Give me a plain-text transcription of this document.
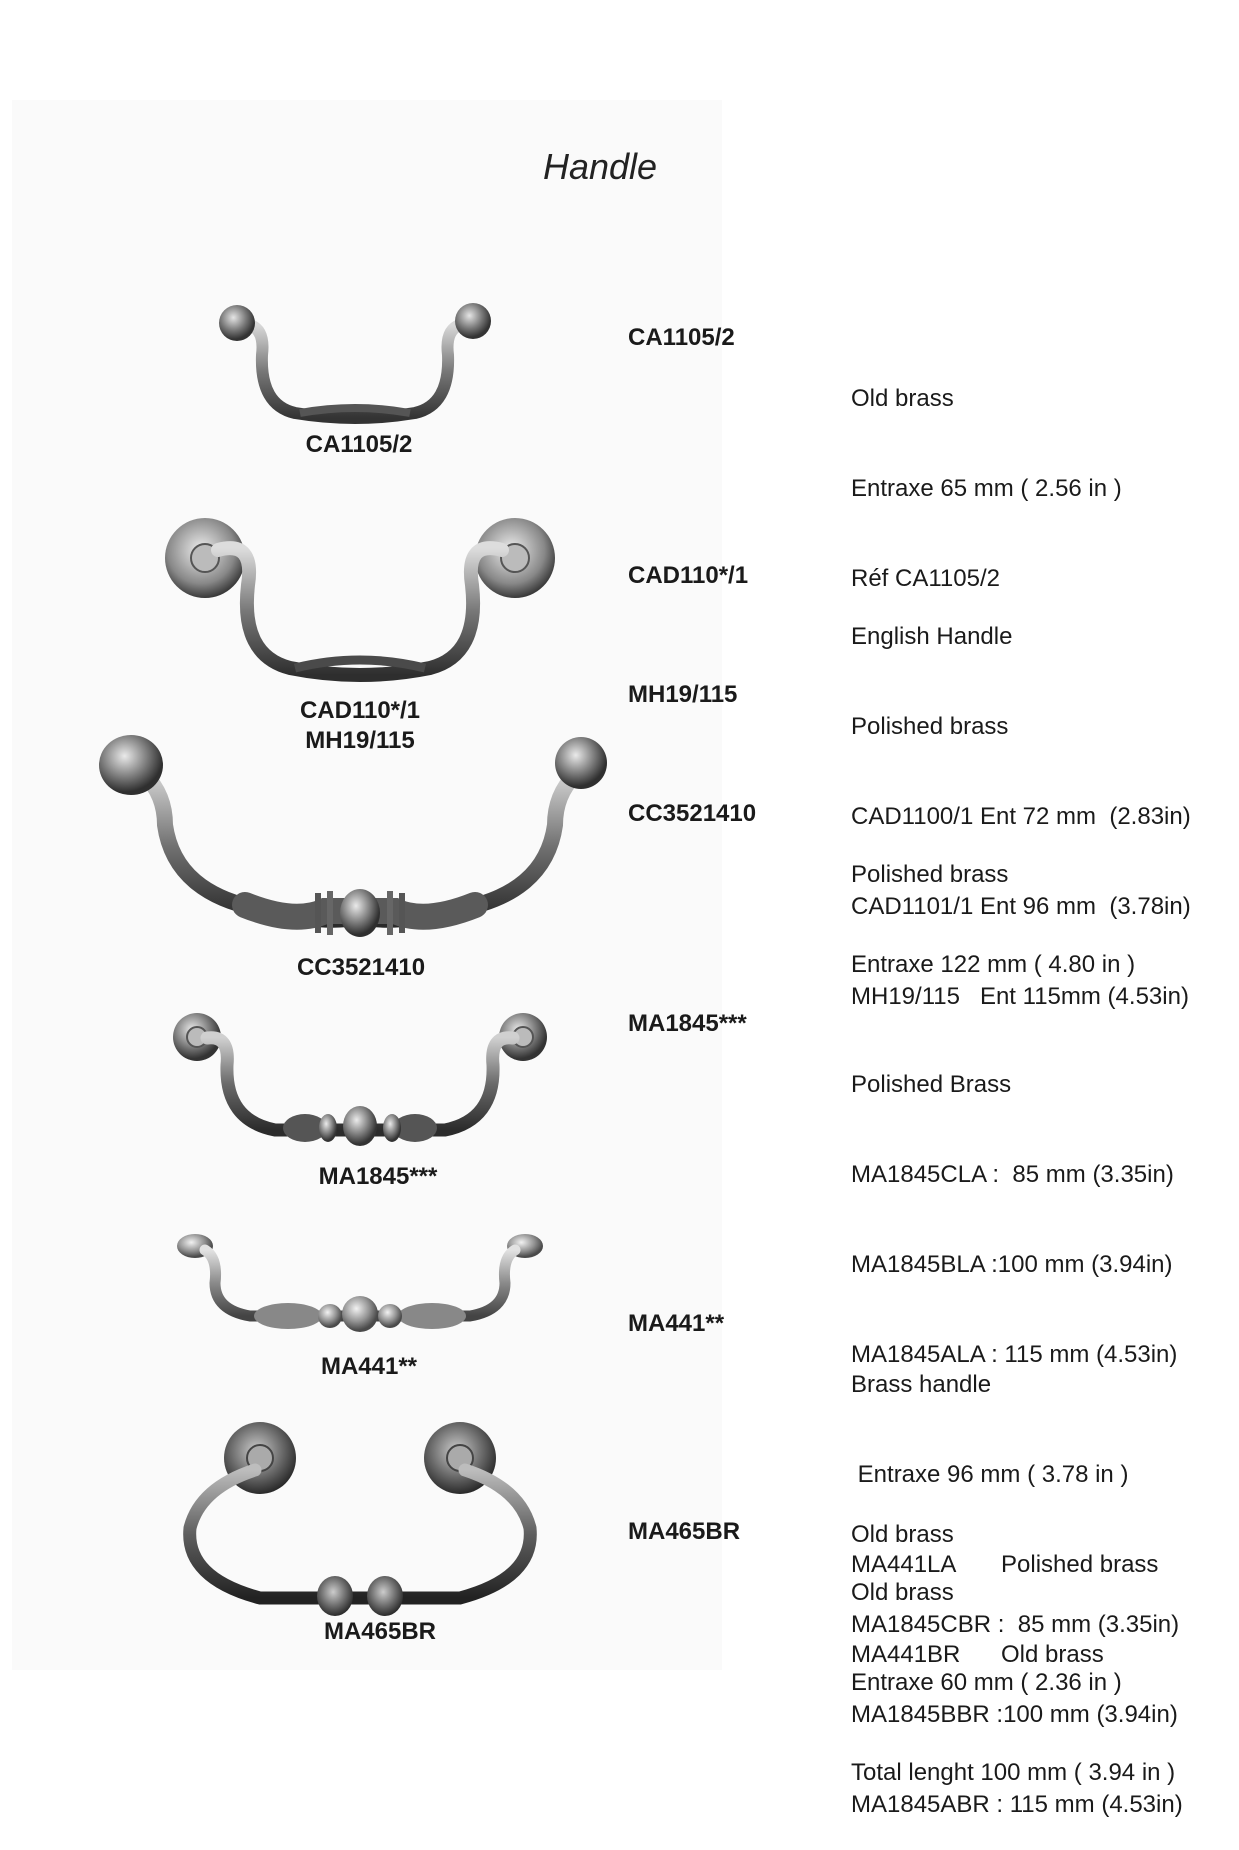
Handle
CA1105/2
CA1105/2

Old brass

Entraxe 65 mm ( 2.56 in )

Réf CA1105/2

CAD110*/1
MH19/115
CAD110*/1
MH19/115

English Handle

Polished brass

CAD1100/1 Ent 72 mm  (2.83in)

CAD1101/1 Ent 96 mm  (3.78in)

MH19/115   Ent 115mm (4.53in)

CC3521410
CC3521410

Polished brass

Entraxe 122 mm ( 4.80 in )

MA1845***
MA1845***

Polished Brass

MA1845CLA :  85 mm (3.35in)

MA1845BLA :100 mm (3.94in)

MA1845ALA : 115 mm (4.53in)

Old brass

MA1845CBR :  85 mm (3.35in)

MA1845BBR :100 mm (3.94in)

MA1845ABR : 115 mm (4.53in)

MA441**
MA441**

Brass handle

Entraxe 96 mm ( 3.78 in )

MA441LA Polished brass

MA441BR Old brass

MA465BR
MA465BR

Old brass

Entraxe 60 mm ( 2.36 in )

Total lenght 100 mm ( 3.94 in )
